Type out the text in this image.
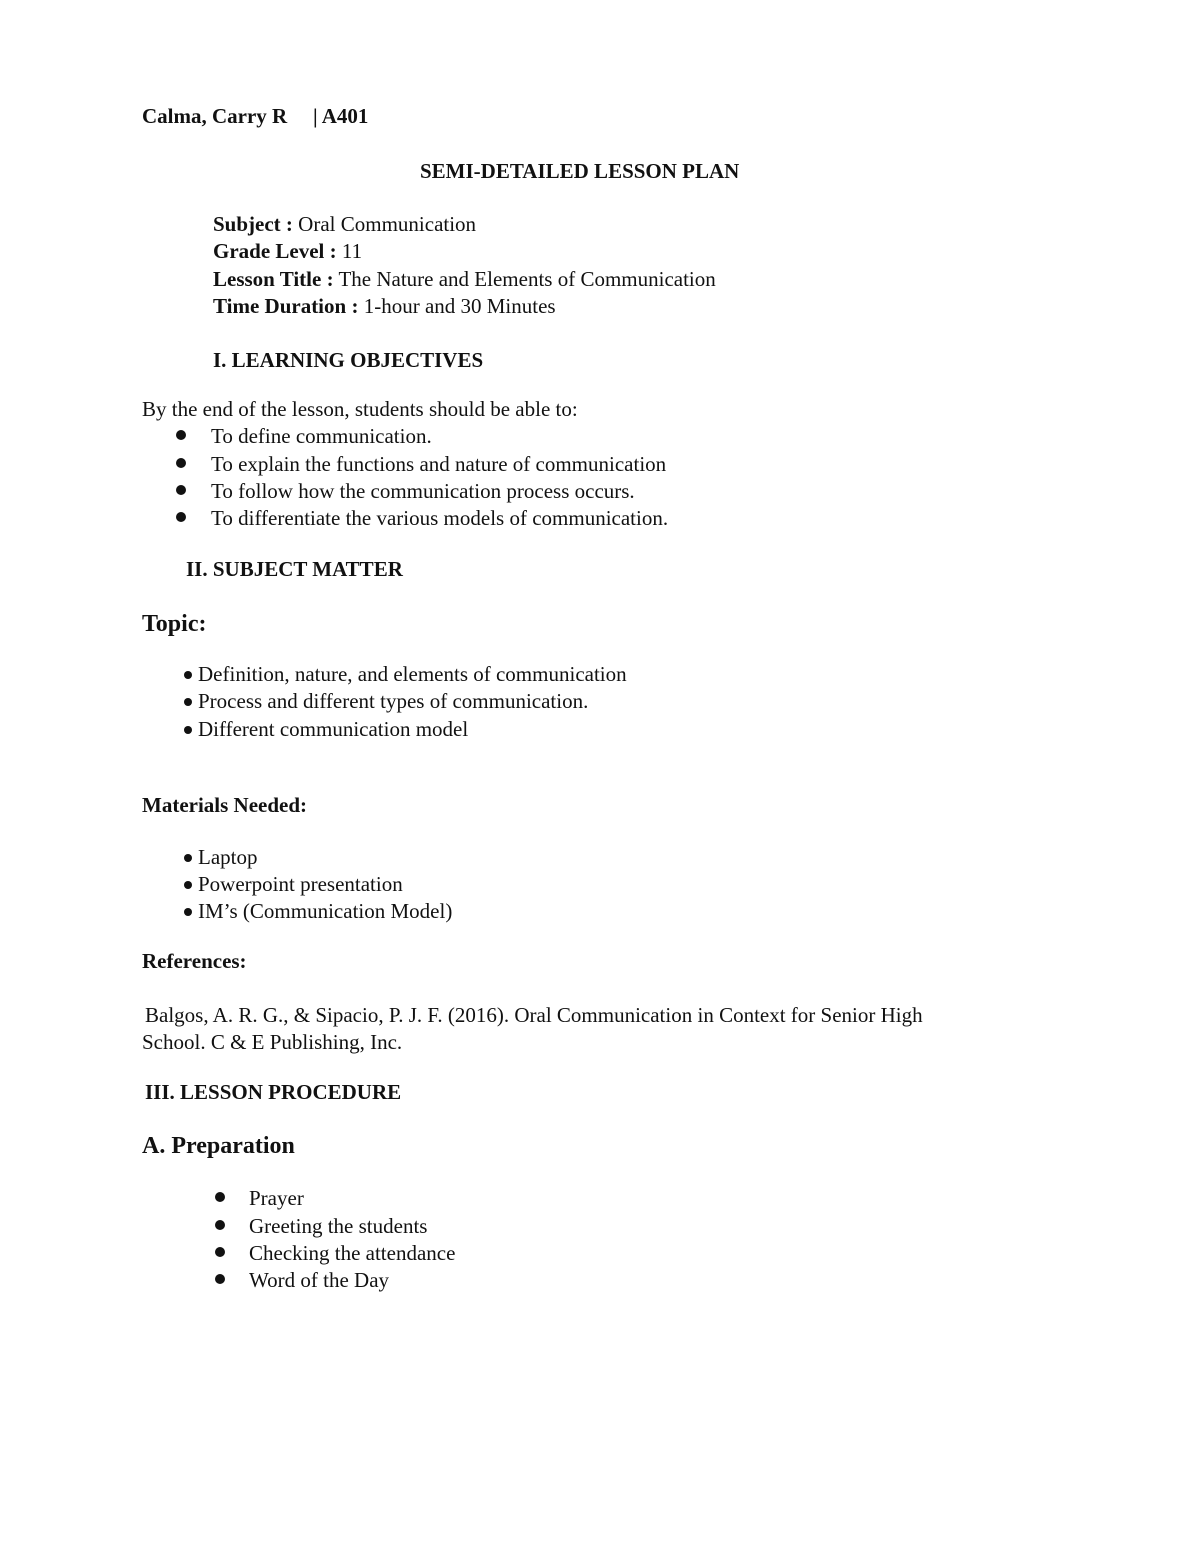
Calma, Carry R | A401
SEMI-DETAILED LESSON PLAN
Subject : Oral Communication
Grade Level : 11
Lesson Title : The Nature and Elements of Communication
Time Duration : 1-hour and 30 Minutes
I. LEARNING OBJECTIVES
By the end of the lesson, students should be able to:
To define communication.
To explain the functions and nature of communication
To follow how the communication process occurs.
To differentiate the various models of communication.
II. SUBJECT MATTER
Topic:
Definition, nature, and elements of communication
Process and different types of communication.
Different communication model
Materials Needed:
Laptop
Powerpoint presentation
IM’s (Communication Model)
References:
Balgos, A. R. G., & Sipacio, P. J. F. (2016). Oral Communication in Context for Senior High
School. C & E Publishing, Inc.
III. LESSON PROCEDURE
A. Preparation
Prayer
Greeting the students
Checking the attendance
Word of the Day
